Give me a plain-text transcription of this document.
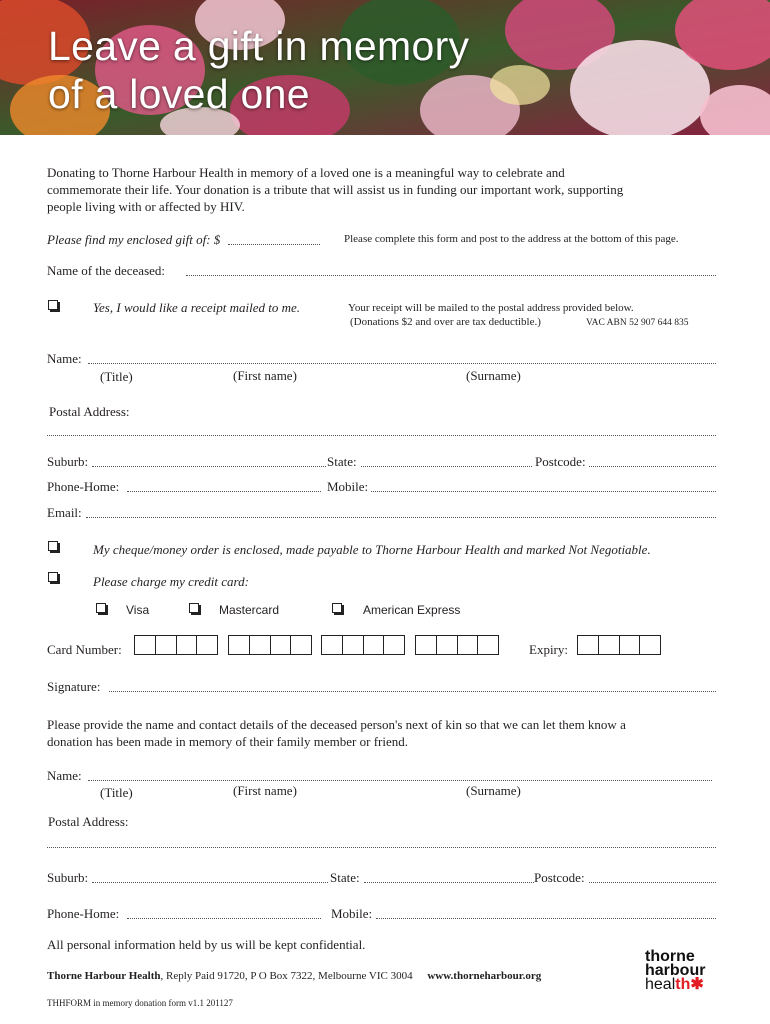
Leave a gift in memory
of a loved one
Donating to Thorne Harbour Health in memory of a loved one is a meaningful way to celebrate and
commemorate their life. Your donation is a tribute that will assist us in funding our important work, supporting
people living with or affected by HIV.
Please find my enclosed gift of: $	Please complete this form and post to the address at the bottom of this page.
Name of the deceased:
Yes, I would like a receipt mailed to me.	Your receipt will be mailed to the postal address provided below.
(Donations $2 and over are tax deductible.)	VAC ABN 52 907 644 835
Name:
(Title)	(First name)	(Surname)
Postal Address:
Suburb:	State:	Postcode:
Phone-Home:	Mobile:
Email:
My cheque/money order is enclosed, made payable to Thorne Harbour Health and marked Not Negotiable.
Please charge my credit card:
Visa	Mastercard	American Express
Card Number:	Expiry:
Signature:
Please provide the name and contact details of the deceased person's next of kin so that we can let them know a
donation has been made in memory of their family member or friend.
Name:
(Title)	(First name)	(Surname)
Postal Address:
Suburb:	State:	Postcode:
Phone-Home:	Mobile:
All personal information held by us will be kept confidential.
Thorne Harbour Health, Reply Paid 91720, P O Box 7322, Melbourne VIC 3004 www.thorneharbour.org
THHFORM in memory donation form v1.1 201127
thorne
harbour
health✱
